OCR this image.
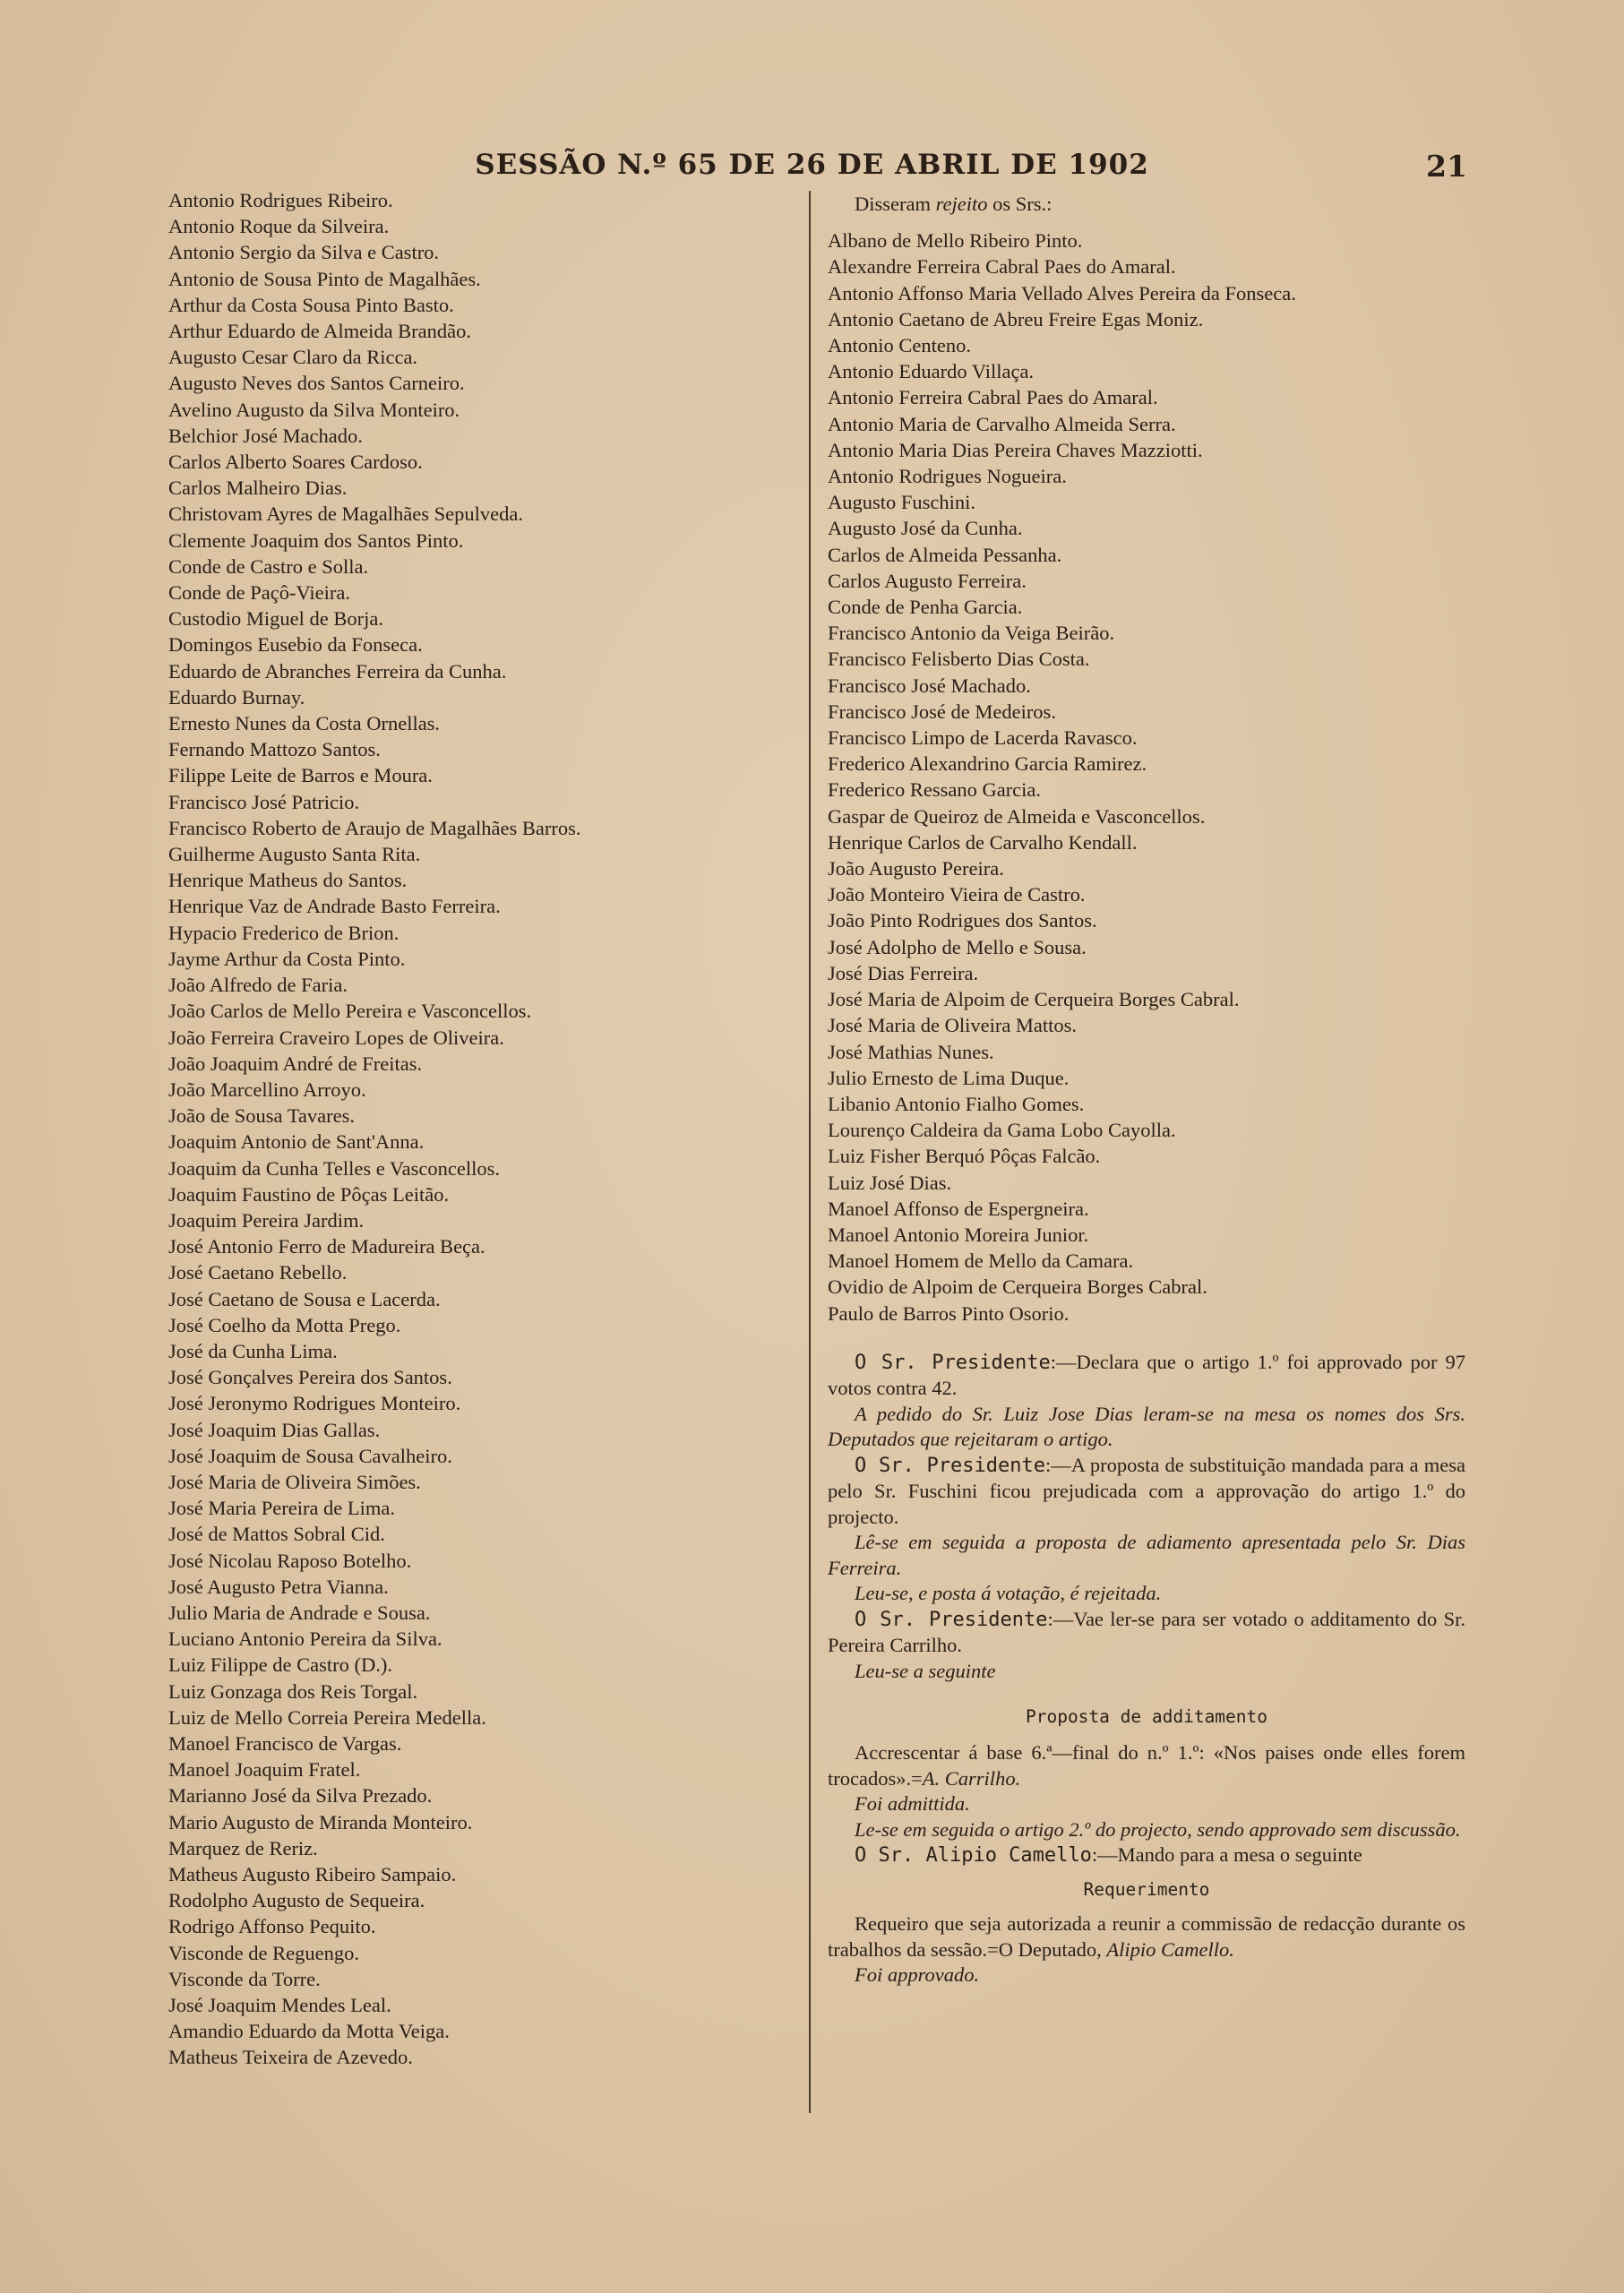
SESSÃO N.º 65 DE 26 DE ABRIL DE 1902	21
Antonio Rodrigues Ribeiro.
Antonio Roque da Silveira.
Antonio Sergio da Silva e Castro.
Antonio de Sousa Pinto de Magalhães.
Arthur da Costa Sousa Pinto Basto.
Arthur Eduardo de Almeida Brandão.
Augusto Cesar Claro da Ricca.
Augusto Neves dos Santos Carneiro.
Avelino Augusto da Silva Monteiro.
Belchior José Machado.
Carlos Alberto Soares Cardoso.
Carlos Malheiro Dias.
Christovam Ayres de Magalhães Sepulveda.
Clemente Joaquim dos Santos Pinto.
Conde de Castro e Solla.
Conde de Paçô-Vieira.
Custodio Miguel de Borja.
Domingos Eusebio da Fonseca.
Eduardo de Abranches Ferreira da Cunha.
Eduardo Burnay.
Ernesto Nunes da Costa Ornellas.
Fernando Mattozo Santos.
Filippe Leite de Barros e Moura.
Francisco José Patricio.
Francisco Roberto de Araujo de Magalhães Barros.
Guilherme Augusto Santa Rita.
Henrique Matheus do Santos.
Henrique Vaz de Andrade Basto Ferreira.
Hypacio Frederico de Brion.
Jayme Arthur da Costa Pinto.
João Alfredo de Faria.
João Carlos de Mello Pereira e Vasconcellos.
João Ferreira Craveiro Lopes de Oliveira.
João Joaquim André de Freitas.
João Marcellino Arroyo.
João de Sousa Tavares.
Joaquim Antonio de Sant'Anna.
Joaquim da Cunha Telles e Vasconcellos.
Joaquim Faustino de Pôças Leitão.
Joaquim Pereira Jardim.
José Antonio Ferro de Madureira Beça.
José Caetano Rebello.
José Caetano de Sousa e Lacerda.
José Coelho da Motta Prego.
José da Cunha Lima.
José Gonçalves Pereira dos Santos.
José Jeronymo Rodrigues Monteiro.
José Joaquim Dias Gallas.
José Joaquim de Sousa Cavalheiro.
José Maria de Oliveira Simões.
José Maria Pereira de Lima.
José de Mattos Sobral Cid.
José Nicolau Raposo Botelho.
José Augusto Petra Vianna.
Julio Maria de Andrade e Sousa.
Luciano Antonio Pereira da Silva.
Luiz Filippe de Castro (D.).
Luiz Gonzaga dos Reis Torgal.
Luiz de Mello Correia Pereira Medella.
Manoel Francisco de Vargas.
Manoel Joaquim Fratel.
Marianno José da Silva Prezado.
Mario Augusto de Miranda Monteiro.
Marquez de Reriz.
Matheus Augusto Ribeiro Sampaio.
Rodolpho Augusto de Sequeira.
Rodrigo Affonso Pequito.
Visconde de Reguengo.
Visconde da Torre.
José Joaquim Mendes Leal.
Amandio Eduardo da Motta Veiga.
Matheus Teixeira de Azevedo.
Disseram rejeito os Srs.:
Albano de Mello Ribeiro Pinto.
Alexandre Ferreira Cabral Paes do Amaral.
Antonio Affonso Maria Vellado Alves Pereira da Fonseca.
Antonio Caetano de Abreu Freire Egas Moniz.
Antonio Centeno.
Antonio Eduardo Villaça.
Antonio Ferreira Cabral Paes do Amaral.
Antonio Maria de Carvalho Almeida Serra.
Antonio Maria Dias Pereira Chaves Mazziotti.
Antonio Rodrigues Nogueira.
Augusto Fuschini.
Augusto José da Cunha.
Carlos de Almeida Pessanha.
Carlos Augusto Ferreira.
Conde de Penha Garcia.
Francisco Antonio da Veiga Beirão.
Francisco Felisberto Dias Costa.
Francisco José Machado.
Francisco José de Medeiros.
Francisco Limpo de Lacerda Ravasco.
Frederico Alexandrino Garcia Ramirez.
Frederico Ressano Garcia.
Gaspar de Queiroz de Almeida e Vasconcellos.
Henrique Carlos de Carvalho Kendall.
João Augusto Pereira.
João Monteiro Vieira de Castro.
João Pinto Rodrigues dos Santos.
José Adolpho de Mello e Sousa.
José Dias Ferreira.
José Maria de Alpoim de Cerqueira Borges Cabral.
José Maria de Oliveira Mattos.
José Mathias Nunes.
Julio Ernesto de Lima Duque.
Libanio Antonio Fialho Gomes.
Lourenço Caldeira da Gama Lobo Cayolla.
Luiz Fisher Berquó Pôças Falcão.
Luiz José Dias.
Manoel Affonso de Espergneira.
Manoel Antonio Moreira Junior.
Manoel Homem de Mello da Camara.
Ovidio de Alpoim de Cerqueira Borges Cabral.
Paulo de Barros Pinto Osorio.

O Sr. Presidente:—Declara que o artigo 1.º foi approvado por 97 votos contra 42.

A pedido do Sr. Luiz Jose Dias leram-se na mesa os nomes dos Srs. Deputados que rejeitaram o artigo.

O Sr. Presidente:—A proposta de substituição mandada para a mesa pelo Sr. Fuschini ficou prejudicada com a approvação do artigo 1.º do projecto.

Lê-se em seguida a proposta de adiamento apresentada pelo Sr. Dias Ferreira.

Leu-se, e posta á votação, é rejeitada.

O Sr. Presidente:—Vae ler-se para ser votado o additamento do Sr. Pereira Carrilho.

Leu-se a seguinte

Proposta de additamento

Accrescentar á base 6.ª—final do n.º 1.º: «Nos paises onde elles forem trocados».=A. Carrilho.

Foi admittida.

Le-se em seguida o artigo 2.º do projecto, sendo approvado sem discussão.

O Sr. Alipio Camello:—Mando para a mesa o seguinte

Requerimento

Requeiro que seja autorizada a reunir a commissão de redacção durante os trabalhos da sessão.=O Deputado, Alipio Camello.

Foi approvado.
